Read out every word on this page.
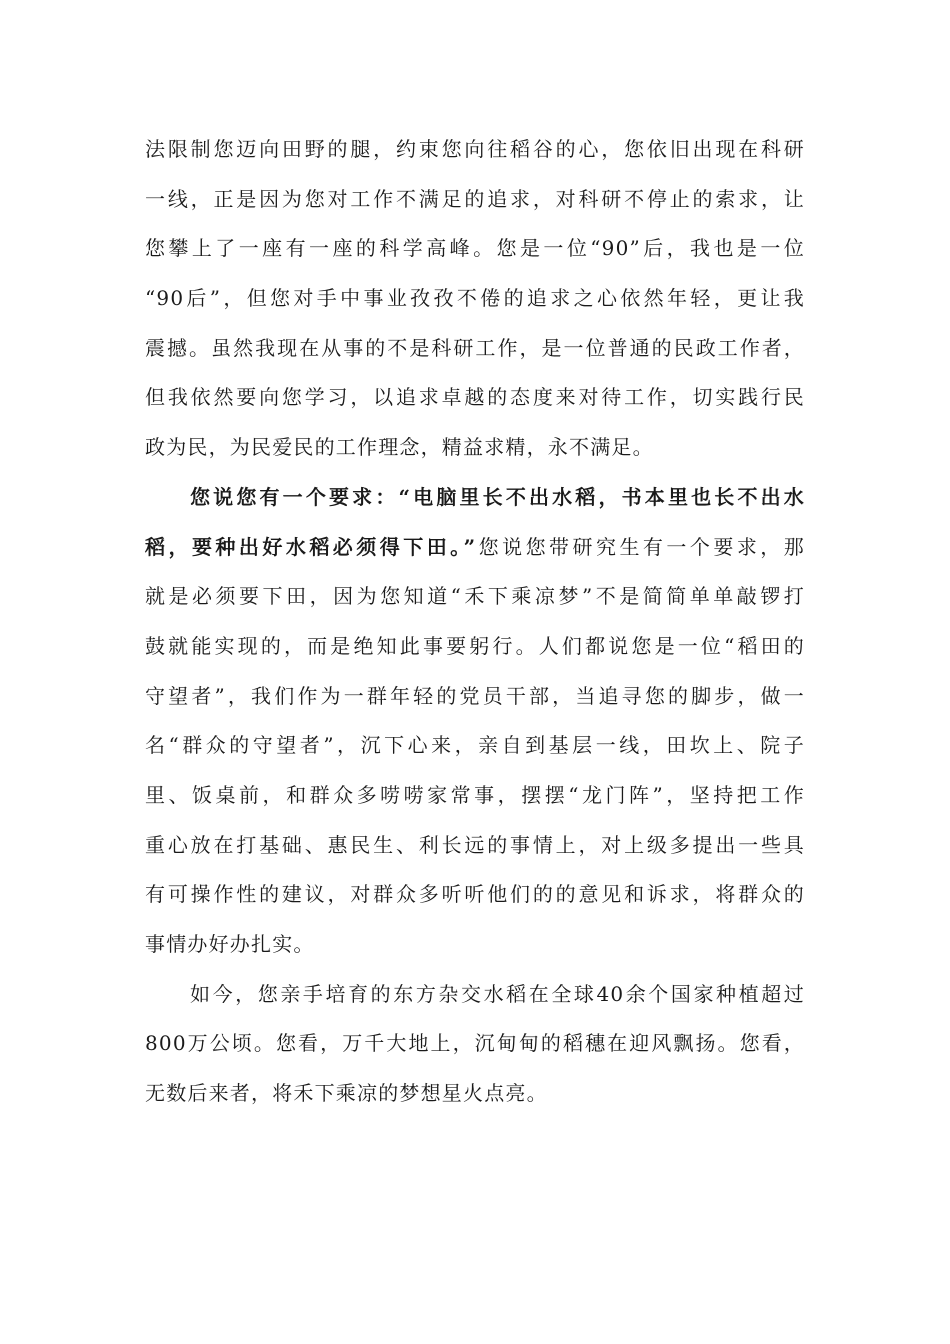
法限制您迈向田野的腿，约束您向往稻谷的心，您依旧出现在科研
一线，正是因为您对工作不满足的追求，对科研不停止的索求，让
您攀上了一座有一座的科学高峰。您是一位“90”后，我也是一位
“90后”，但您对手中事业孜孜不倦的追求之心依然年轻，更让我
震撼。虽然我现在从事的不是科研工作，是一位普通的民政工作者，
但我依然要向您学习，以追求卓越的态度来对待工作，切实践行民
政为民，为民爱民的工作理念，精益求精，永不满足。
您说您有一个要求：“电脑里长不出水稻，书本里也长不出水
稻，要种出好水稻必须得下田。”您说您带研究生有一个要求，那
就是必须要下田，因为您知道“禾下乘凉梦”不是简简单单敲锣打
鼓就能实现的，而是绝知此事要躬行。人们都说您是一位“稻田的
守望者”，我们作为一群年轻的党员干部，当追寻您的脚步，做一
名“群众的守望者”，沉下心来，亲自到基层一线，田坎上、院子
里、饭桌前，和群众多唠唠家常事，摆摆“龙门阵”，坚持把工作
重心放在打基础、惠民生、利长远的事情上，对上级多提出一些具
有可操作性的建议，对群众多听听他们的的意见和诉求，将群众的
事情办好办扎实。
如今，您亲手培育的东方杂交水稻在全球40余个国家种植超过
800万公顷。您看，万千大地上，沉甸甸的稻穗在迎风飘扬。您看，
无数后来者，将禾下乘凉的梦想星火点亮。
